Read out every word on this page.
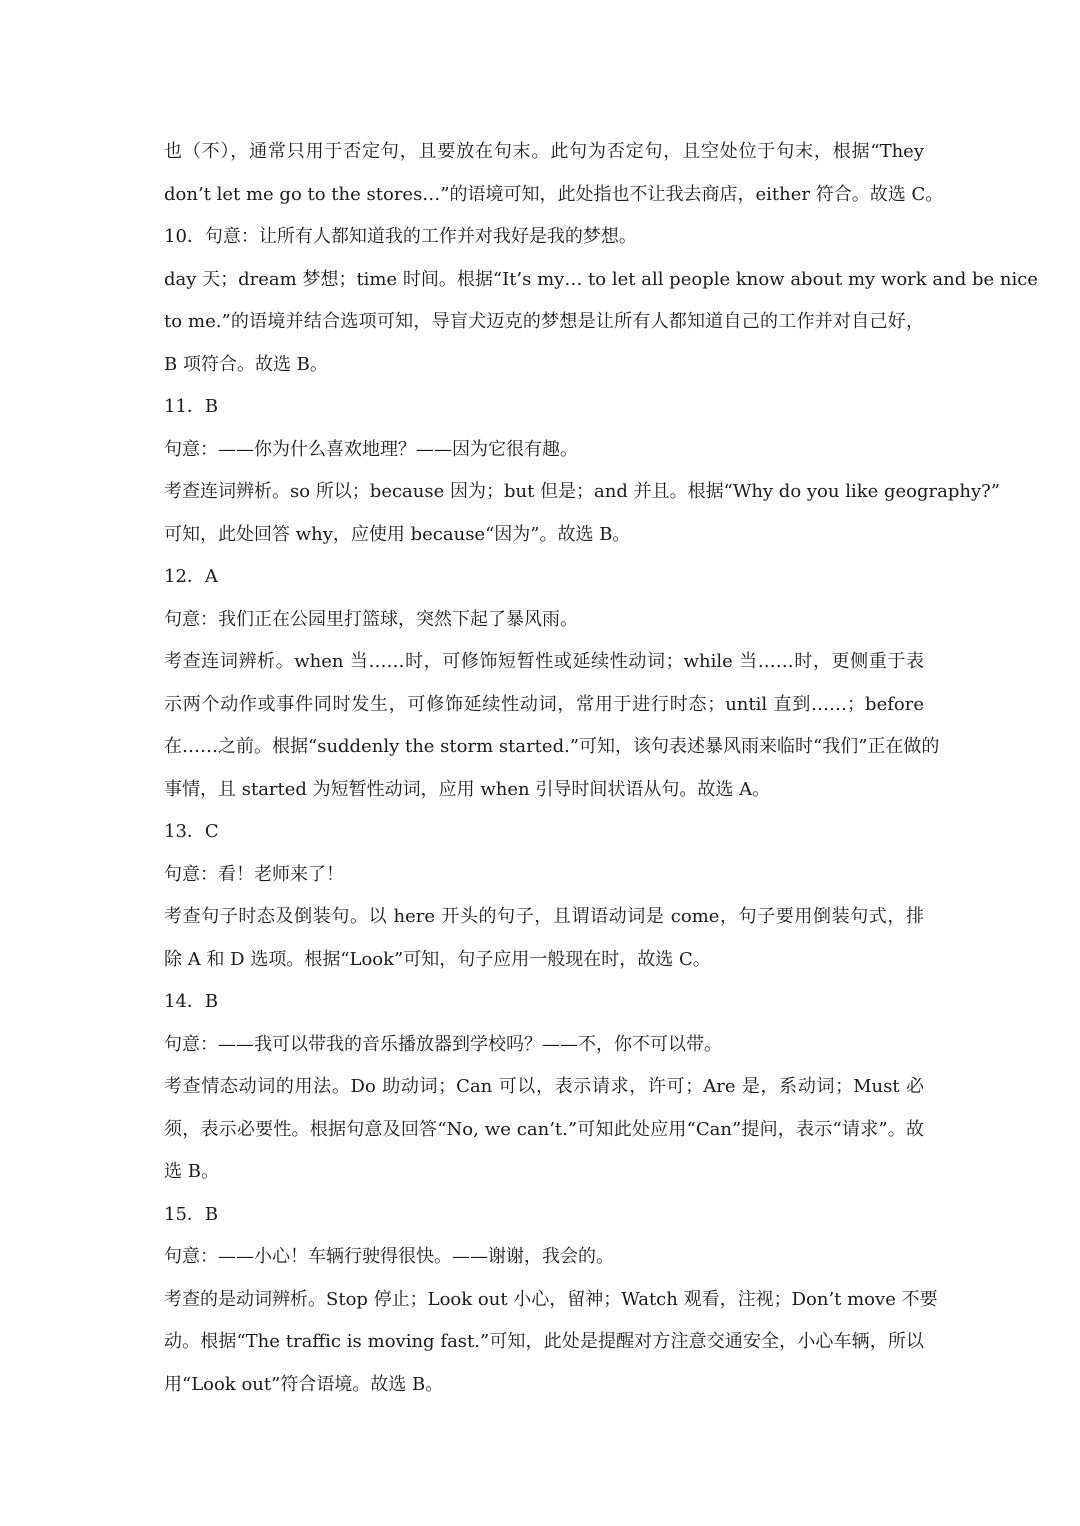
也（不），通常只用于否定句，且要放在句末。此句为否定句，且空处位于句末，根据“They
don’t let me go to the stores…”的语境可知，此处指也不让我去商店，either 符合。故选 C。
10．句意：让所有人都知道我的工作并对我好是我的梦想。
day 天；dream 梦想；time 时间。根据“It’s my… to let all people know about my work and be nice
to me.”的语境并结合选项可知，导盲犬迈克的梦想是让所有人都知道自己的工作并对自己好，
B 项符合。故选 B。
11．B
句意：——你为什么喜欢地理？——因为它很有趣。
考查连词辨析。so 所以；because 因为；but 但是；and 并且。根据“Why do you like geography?”
可知，此处回答 why，应使用 because“因为”。故选 B。
12．A
句意：我们正在公园里打篮球，突然下起了暴风雨。
考查连词辨析。when 当……时，可修饰短暂性或延续性动词；while 当……时，更侧重于表
示两个动作或事件同时发生，可修饰延续性动词，常用于进行时态；until 直到……；before
在……之前。根据“suddenly the storm started.”可知，该句表述暴风雨来临时“我们”正在做的
事情，且 started 为短暂性动词，应用 when 引导时间状语从句。故选 A。
13．C
句意：看！老师来了！
考查句子时态及倒装句。以 here 开头的句子，且谓语动词是 come，句子要用倒装句式，排
除 A 和 D 选项。根据“Look”可知，句子应用一般现在时，故选 C。
14．B
句意：——我可以带我的音乐播放器到学校吗？——不，你不可以带。
考查情态动词的用法。Do 助动词；Can 可以，表示请求，许可；Are 是，系动词；Must 必
须，表示必要性。根据句意及回答“No, we can’t.”可知此处应用“Can”提问，表示“请求”。故
选 B。
15．B
句意：——小心！车辆行驶得很快。——谢谢，我会的。
考查的是动词辨析。Stop 停止；Look out 小心，留神；Watch 观看，注视；Don’t move 不要
动。根据“The traffic is moving fast.”可知，此处是提醒对方注意交通安全，小心车辆，所以
用“Look out”符合语境。故选 B。
